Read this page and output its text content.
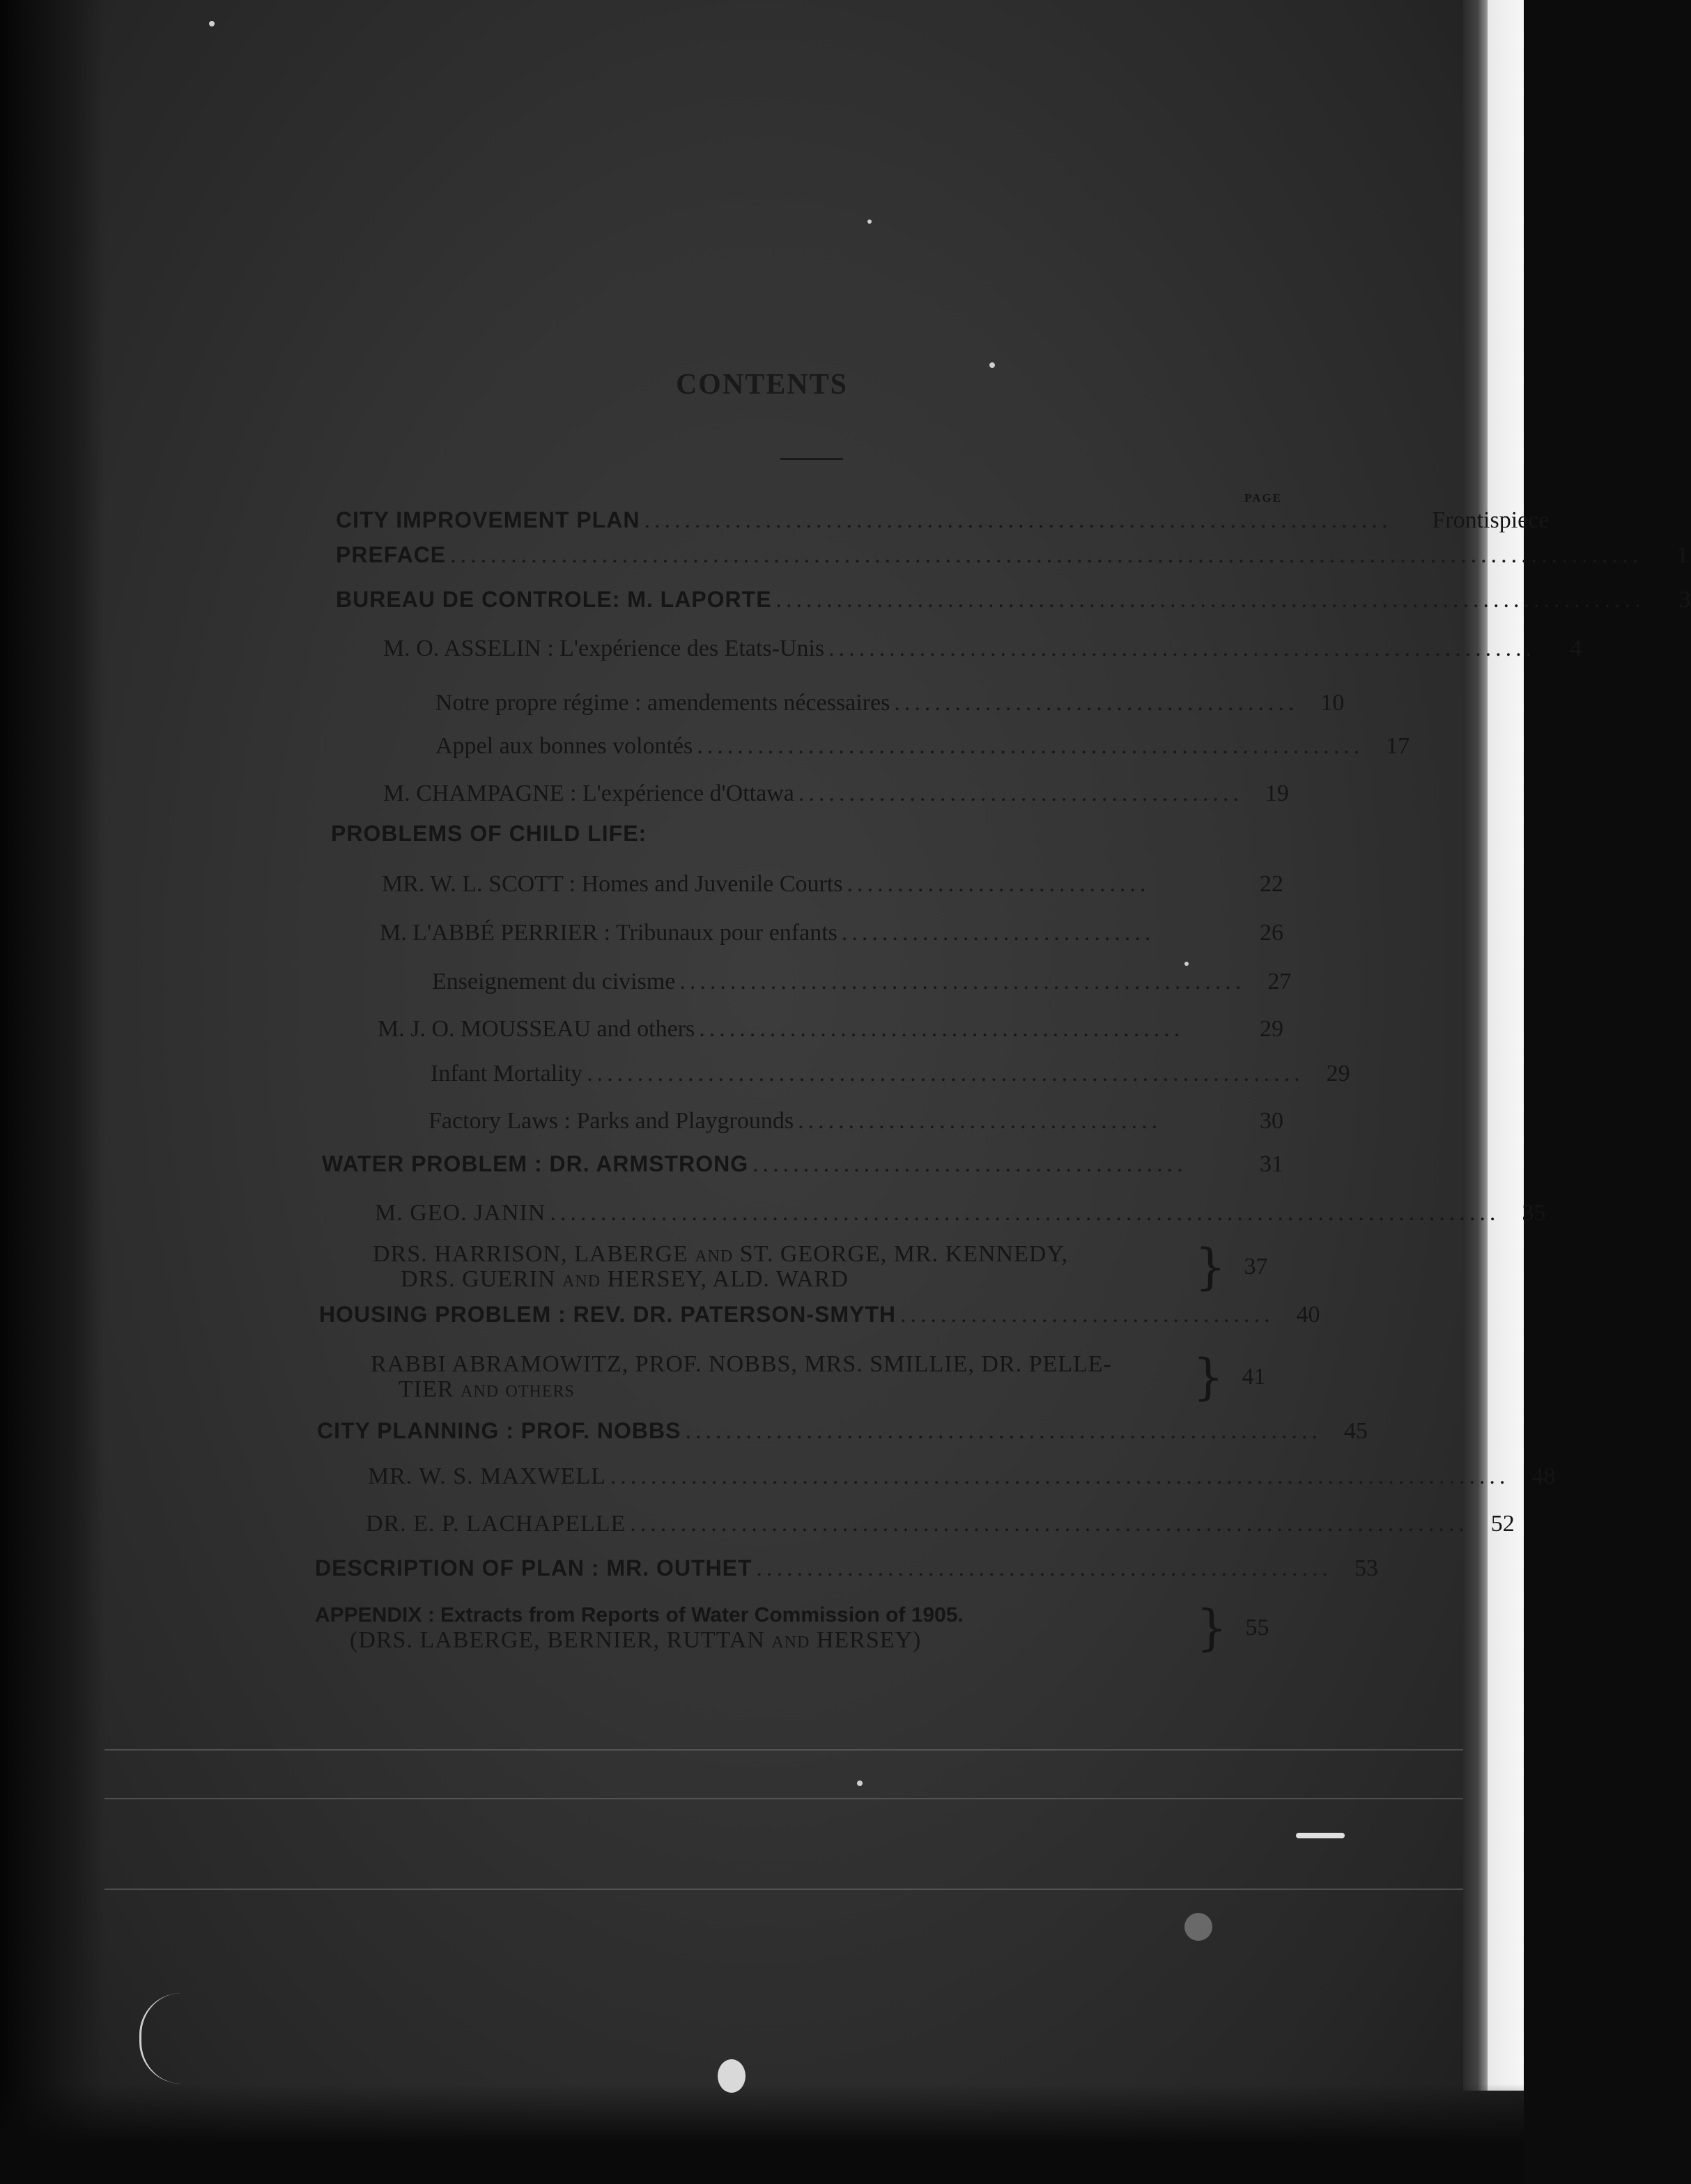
CONTENTS
PAGE
CITY IMPROVEMENT PLAN ..........................................................................	Frontispiece
PREFACE ......................................................................................................................	1
BUREAU DE CONTROLE: M. LAPORTE ......................................................................................	3
M. O. ASSELIN : L'expérience des Etats-Unis ......................................................................	4
Notre propre régime : amendements nécessaires ........................................ 10
Appel aux bonnes volontés .................................................................. 17
M. CHAMPAGNE : L'expérience d'Ottawa ............................................ 19
PROBLEMS OF CHILD LIFE:
MR. W. L. SCOTT : Homes and Juvenile Courts ..............................	22
M. L'ABBÉ PERRIER : Tribunaux pour enfants ...............................	26
Enseignement du civisme ........................................................ 27
M. J. O. MOUSSEAU and others ................................................	29
Infant Mortality ....................................................................... 29
Factory Laws : Parks and Playgrounds ....................................	30
WATER PROBLEM : DR. ARMSTRONG ...........................................	31
M. GEO. JANIN .............................................................................................. 35
DRS. HARRISON, LABERGE and ST. GEORGE, MR. KENNEDY,
DRS. GUERIN and HERSEY, ALD. WARD	} 37
HOUSING PROBLEM : REV. DR. PATERSON-SMYTH ..................................... 40
RABBI ABRAMOWITZ, PROF. NOBBS, MRS. SMILLIE, DR. PELLE-
TIER and others	} 41
CITY PLANNING : PROF. NOBBS ............................................................... 45
MR. W. S. MAXWELL ......................................................................................... 48
DR. E. P. LACHAPELLE ................................................................................... 52
DESCRIPTION OF PLAN : MR. OUTHET ......................................................... 53
APPENDIX : Extracts from Reports of Water Commission of 1905.
(DRS. LABERGE, BERNIER, RUTTAN and HERSEY)	} 55
